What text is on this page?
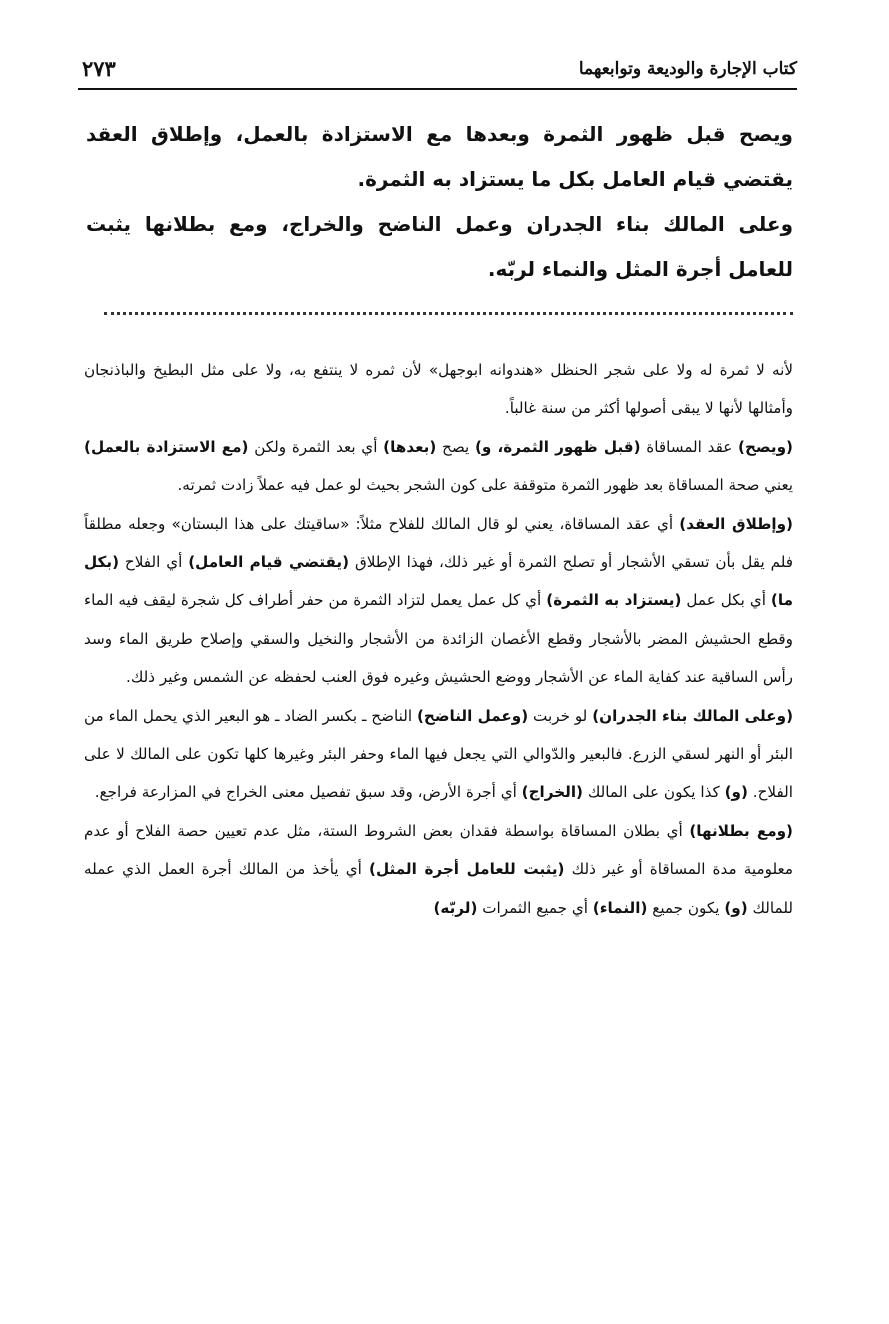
٢٧٣	كتاب الإجارة والوديعة وتوابعهما

ويصح قبل ظهور الثمرة وبعدها مع الاستزادة بالعمل، وإطلاق العقد يقتضي قيام العامل بكل ما يستزاد به الثمرة.

وعلى المالك بناء الجدران وعمل الناضح والخراج، ومع بطلانها يثبت للعامل أجرة المثل والنماء لربّه.

لأنه لا ثمرة له ولا على شجر الحنظل «هندوانه ابوجهل» لأن ثمره لا ينتفع به، ولا على مثل البطيخ والباذنجان وأمثالها لأنها لا يبقى أصولها أكثر من سنة غالباً.

(ويصح) عقد المساقاة (قبل ظهور الثمرة، و) يصح (بعدها) أي بعد الثمرة ولكن (مع الاستزادة بالعمل) يعني صحة المساقاة بعد ظهور الثمرة متوقفة على كون الشجر بحيث لو عمل فيه عملاً زادت ثمرته.

(وإطلاق العقد) أي عقد المساقاة، يعني لو قال المالك للفلاح مثلاً: «ساقيتك على هذا البستان» وجعله مطلقاً فلم يقل بأن تسقي الأشجار أو تصلح الثمرة أو غير ذلك، فهذا الإطلاق (يقتضي قيام العامل) أي الفلاح (بكل ما) أي بكل عمل (يستزاد به الثمرة) أي كل عمل يعمل لتزاد الثمرة من حفر أطراف كل شجرة ليقف فيه الماء وقطع الحشيش المضر بالأشجار وقطع الأغصان الزائدة من الأشجار والنخيل والسقي وإصلاح طريق الماء وسد رأس الساقية عند كفاية الماء عن الأشجار ووضع الحشيش وغيره فوق العنب لحفظه عن الشمس وغير ذلك.

(وعلى المالك بناء الجدران) لو خربت (وعمل الناضح) الناضح ـ بكسر الضاد ـ هو البعير الذي يحمل الماء من البئر أو النهر لسقي الزرع. فالبعير والدّوالي التي يجعل فيها الماء وحفر البئر وغيرها كلها تكون على المالك لا على الفلاح. (و) كذا يكون على المالك (الخراج) أي أجرة الأرض، وقد سبق تفصيل معنى الخراج في المزارعة فراجع.

(ومع بطلانها) أي بطلان المساقاة بواسطة فقدان بعض الشروط الستة، مثل عدم تعيين حصة الفلاح أو عدم معلومية مدة المساقاة أو غير ذلك (يثبت للعامل أجرة المثل) أي يأخذ من المالك أجرة العمل الذي عمله للمالك (و) يكون جميع (النماء) أي جميع الثمرات (لربّه)
